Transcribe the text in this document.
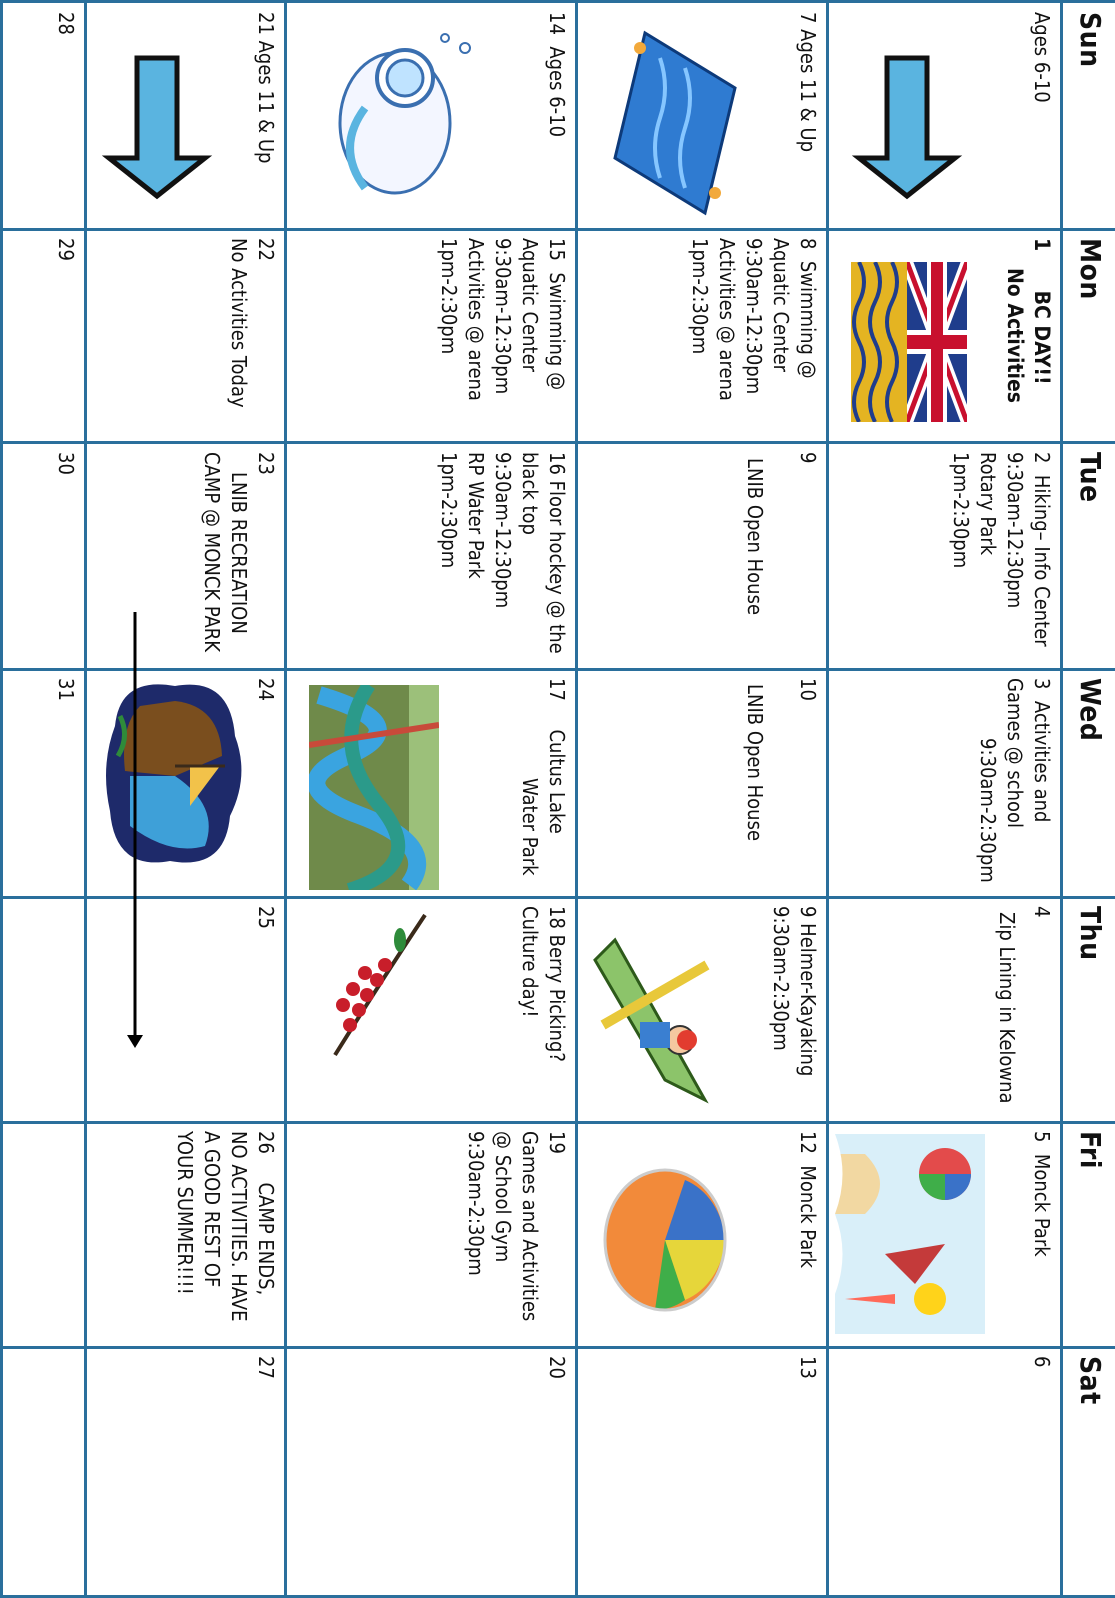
Sun
Mon
Tue
Wed
Thu
Fri
Sat
Ages 6-10
1      BC DAY!!
No Activities
2  Hiking– Info Center
9:30am-12:30pm
Rotary Park
1pm-2:30pm
3  Activities and
Games @ school
9:30am-2:30pm
4
Zip Lining in Kelowna
5  Monck Park
6
7 Ages 11 & Up
8  Swimming @
Aquatic Center
9:30am-12:30pm
Activities @ arena
1pm-2:30pm
9
LNIB Open House
10
LNIB Open House
9 Helmer-Kayaking
9:30am-2:30pm
12  Monck Park
13
14  Ages 6-10
15  Swimming @
Aquatic Center
9:30am-12:30pm
Activities @ arena
1pm-2:30pm
16 Floor hockey @ the
black top
9:30am-12:30pm
RP Water Park
1pm-2:30pm
17     Cultus Lake
Water Park
18 Berry Picking?
Culture day!
19
Games and Activities
@ School Gym
9:30am-2:30pm
20
21 Ages 11 & Up
22
No Activities Today
23
LNIB RECREATION
CAMP @ MONCK PARK
24
25
26     CAMP ENDS,
NO ACTIVITIES. HAVE
A GOOD REST OF
YOUR SUMMER!!!!
27
28
29
30
31
